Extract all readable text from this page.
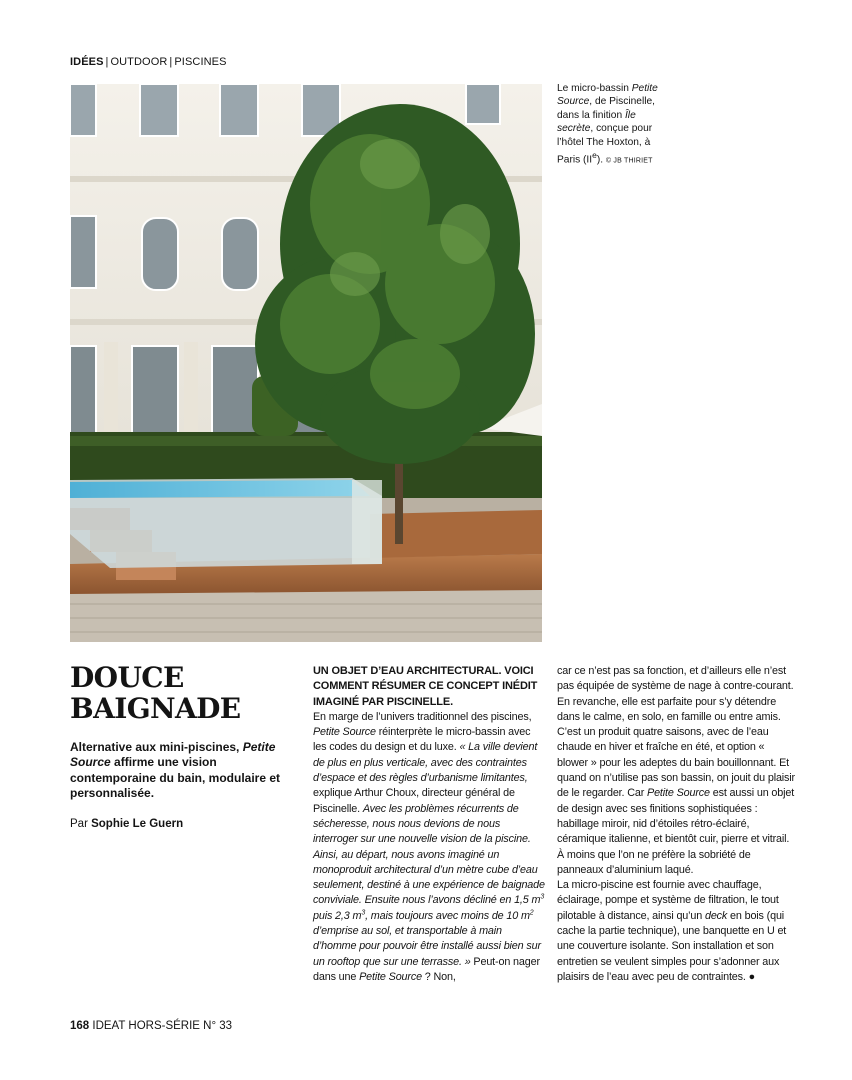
IDÉES | OUTDOOR | PISCINES
Le micro-bassin Petite Source, de Piscinelle, dans la finition Île secrète, conçue pour l’hôtel The Hoxton, à Paris (IIe). © JB THIRIET
DOUCE
BAIGNADE
Alternative aux mini-piscines, Petite Source affirme une vision contemporaine du bain, modulaire et personnalisée.
Par Sophie Le Guern

UN OBJET D’EAU ARCHITECTURAL. VOICI COMMENT RÉSUMER CE CONCEPT INÉDIT IMAGINÉ PAR PISCINELLE.

En marge de l’univers traditionnel des piscines, Petite Source réinterprète le micro-bassin avec les codes du design et du luxe. « La ville devient de plus en plus verticale, avec des contraintes d’espace et des règles d’urbanisme limitantes, explique Arthur Choux, directeur général de Piscinelle. Avec les problèmes récurrents de sécheresse, nous nous devions de nous interroger sur une nouvelle vision de la piscine. Ainsi, au départ, nous avons imaginé un monoproduit architectural d’un mètre cube d’eau seulement, destiné à une expérience de baignade conviviale. Ensuite nous l’avons décliné en 1,5 $m^3$ puis 2,3 $m^3$, mais toujours avec moins de 10 $m^2$ d’emprise au sol, et transportable à main d’homme pour pouvoir être installé aussi bien sur un rooftop que sur une terrasse. » Peut-on nager dans une Petite Source ? Non,

car ce n’est pas sa fonction, et d’ailleurs elle n’est pas équipée de système de nage à contre-courant. En revanche, elle est parfaite pour s’y détendre dans le calme, en solo, en famille ou entre amis. C’est un produit quatre saisons, avec de l’eau chaude en hiver et fraîche en été, et option « blower » pour les adeptes du bain bouillonnant. Et quand on n’utilise pas son bassin, on jouit du plaisir de le regarder. Car Petite Source est aussi un objet de design avec ses finitions sophistiquées : habillage miroir, nid d’étoiles rétro-éclairé, céramique italienne, et bientôt cuir, pierre et vitrail. À moins que l’on ne préfère la sobriété de panneaux d’aluminium laqué.

La micro-piscine est fournie avec chauffage, éclairage, pompe et système de filtration, le tout pilotable à distance, ainsi qu’un deck en bois (qui cache la partie technique), une banquette en U et une couverture isolante. Son installation et son entretien se veulent simples pour s’adonner aux plaisirs de l’eau avec peu de contraintes. ●

168 IDEAT HORS-SÉRIE N° 33
